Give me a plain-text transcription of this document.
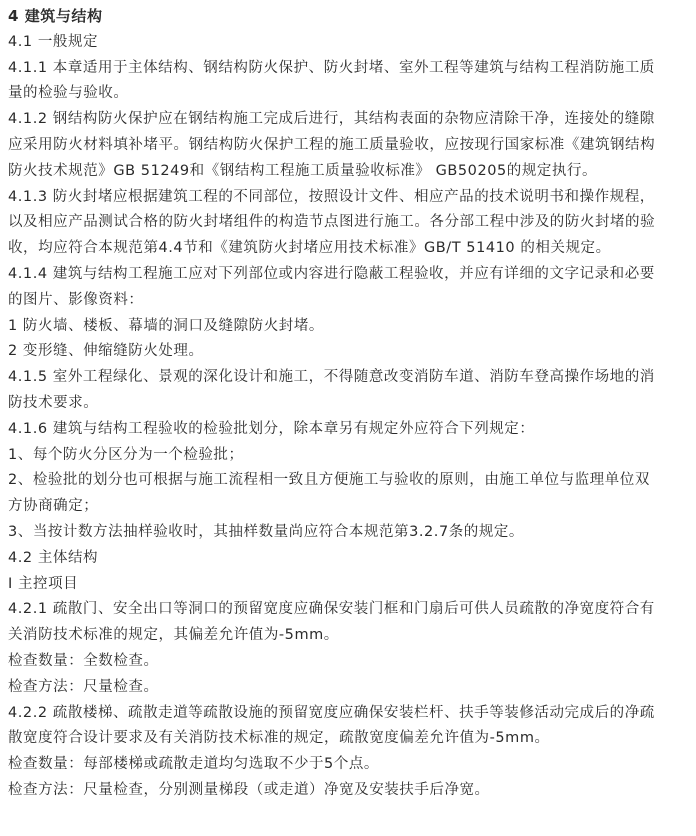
4 建筑与结构
4.1 一般规定
4.1.1 本章适用于主体结构、钢结构防火保护、防火封堵、室外工程等建筑与结构工程消防施工质
量的检验与验收。
4.1.2 钢结构防火保护应在钢结构施工完成后进行，其结构表面的杂物应清除干净，连接处的缝隙
应采用防火材料填补堵平。钢结构防火保护工程的施工质量验收，应按现行国家标准《建筑钢结构
防火技术规范》GB 51249和《钢结构工程施工质量验收标准》 GB50205的规定执行。
4.1.3 防火封堵应根据建筑工程的不同部位，按照设计文件、相应产品的技术说明书和操作规程，
以及相应产品测试合格的防火封堵组件的构造节点图进行施工。各分部工程中涉及的防火封堵的验
收，均应符合本规范第4.4节和《建筑防火封堵应用技术标准》GB/T 51410 的相关规定。
4.1.4 建筑与结构工程施工应对下列部位或内容进行隐蔽工程验收，并应有详细的文字记录和必要
的图片、影像资料：
1 防火墙、楼板、幕墙的洞口及缝隙防火封堵。
2 变形缝、伸缩缝防火处理。
4.1.5 室外工程绿化、景观的深化设计和施工，不得随意改变消防车道、消防车登高操作场地的消
防技术要求。
4.1.6 建筑与结构工程验收的检验批划分，除本章另有规定外应符合下列规定：
1、每个防火分区分为一个检验批；
2、检验批的划分也可根据与施工流程相一致且方便施工与验收的原则，由施工单位与监理单位双
方协商确定；
3、当按计数方法抽样验收时，其抽样数量尚应符合本规范第3.2.7条的规定。
4.2 主体结构
I 主控项目
4.2.1 疏散门、安全出口等洞口的预留宽度应确保安装门框和门扇后可供人员疏散的净宽度符合有
关消防技术标准的规定，其偏差允许值为-5mm。
检查数量：全数检查。
检查方法：尺量检查。
4.2.2 疏散楼梯、疏散走道等疏散设施的预留宽度应确保安装栏杆、扶手等装修活动完成后的净疏
散宽度符合设计要求及有关消防技术标准的规定，疏散宽度偏差允许值为-5mm。
检查数量：每部楼梯或疏散走道均匀选取不少于5个点。
检查方法：尺量检查，分别测量梯段（或走道）净宽及安装扶手后净宽。
